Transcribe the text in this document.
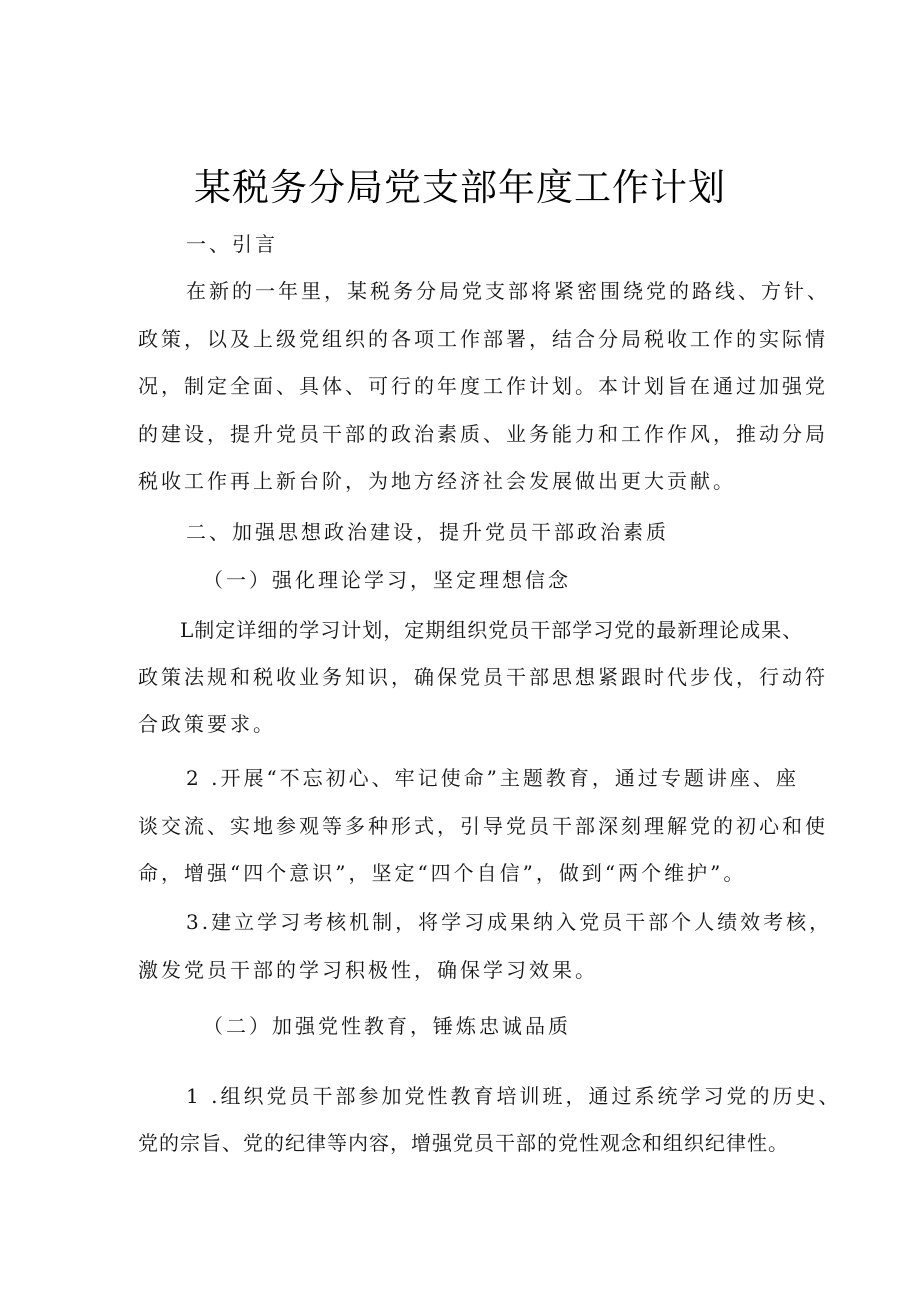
某税务分局党支部年度工作计划
一、引言
在新的一年里，某税务分局党支部将紧密围绕党的路线、方针、
政策，以及上级党组织的各项工作部署，结合分局税收工作的实际情
况，制定全面、具体、可行的年度工作计划。本计划旨在通过加强党
的建设，提升党员干部的政治素质、业务能力和工作作风，推动分局
税收工作再上新台阶，为地方经济社会发展做出更大贡献。
二、加强思想政治建设，提升党员干部政治素质
（一）强化理论学习，坚定理想信念
L制定详细的学习计划，定期组织党员干部学习党的最新理论成果、
政策法规和税收业务知识，确保党员干部思想紧跟时代步伐，行动符
合政策要求。
2 .开展“不忘初心、牢记使命”主题教育，通过专题讲座、座
谈交流、实地参观等多种形式，引导党员干部深刻理解党的初心和使
命，增强“四个意识”，坚定“四个自信”，做到“两个维护”。
3.建立学习考核机制，将学习成果纳入党员干部个人绩效考核，
激发党员干部的学习积极性，确保学习效果。
（二）加强党性教育，锤炼忠诚品质
1 .组织党员干部参加党性教育培训班，通过系统学习党的历史、
党的宗旨、党的纪律等内容，增强党员干部的党性观念和组织纪律性。
